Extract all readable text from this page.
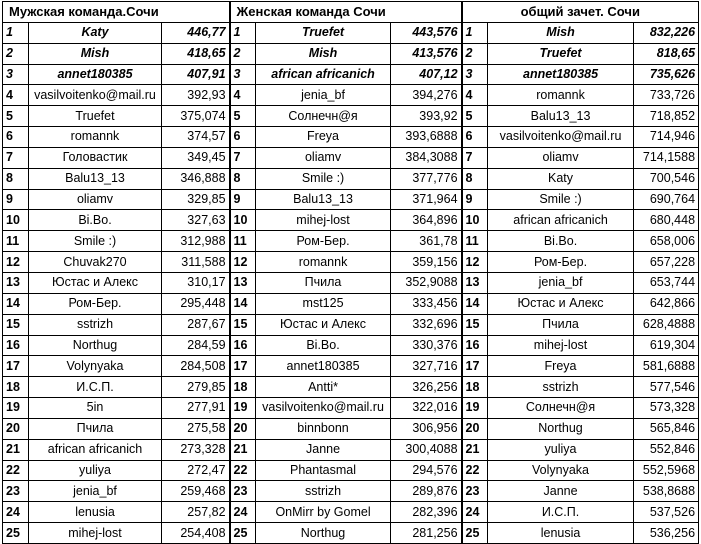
Мужская команда.Сочи			Женская команда Сочи			общий зачет. Сочи		
1	Katy	446,77	1	Truefet	443,576	1	Mish	832,226
2	Mish	418,65	2	Mish	413,576	2	Truefet	818,65
3	annet180385	407,91	3	african africanich	407,12	3	annet180385	735,626
4	vasilvoitenko@mail.ru	392,93	4	jenia_bf	394,276	4	romannk	733,726
5	Truefet	375,074	5	Солнечн@я	393,92	5	Balu13_13	718,852
6	romannk	374,57	6	Freya	393,6888	6	vasilvoitenko@mail.ru	714,946
7	Головастик	349,45	7	oliamv	384,3088	7	oliamv	714,1588
8	Balu13_13	346,888	8	Smile :)	377,776	8	Katy	700,546
9	oliamv	329,85	9	Balu13_13	371,964	9	Smile :)	690,764
10	Bi.Bo.	327,63	10	mihej-lost	364,896	10	african africanich	680,448
11	Smile :)	312,988	11	Ром-Бер.	361,78	11	Bi.Bo.	658,006
12	Chuvak270	311,588	12	romannk	359,156	12	Ром-Бер.	657,228
13	Юстас и Алекс	310,17	13	Пчила	352,9088	13	jenia_bf	653,744
14	Ром-Бер.	295,448	14	mst125	333,456	14	Юстас и Алекс	642,866
15	sstrizh	287,67	15	Юстас и Алекс	332,696	15	Пчила	628,4888
16	Northug	284,59	16	Bi.Bo.	330,376	16	mihej-lost	619,304
17	Volynyaka	284,508	17	annet180385	327,716	17	Freya	581,6888
18	И.С.П.	279,85	18	Antti*	326,256	18	sstrizh	577,546
19	5in	277,91	19	vasilvoitenko@mail.ru	322,016	19	Солнечн@я	573,328
20	Пчила	275,58	20	binnbonn	306,956	20	Northug	565,846
21	african africanich	273,328	21	Janne	300,4088	21	yuliya	552,846
22	yuliya	272,47	22	Phantasmal	294,576	22	Volynyaka	552,5968
23	jenia_bf	259,468	23	sstrizh	289,876	23	Janne	538,8688
24	lenusia	257,82	24	OnMirr by Gomel	282,396	24	И.С.П.	537,526
25	mihej-lost	254,408	25	Northug	281,256	25	lenusia	536,256
